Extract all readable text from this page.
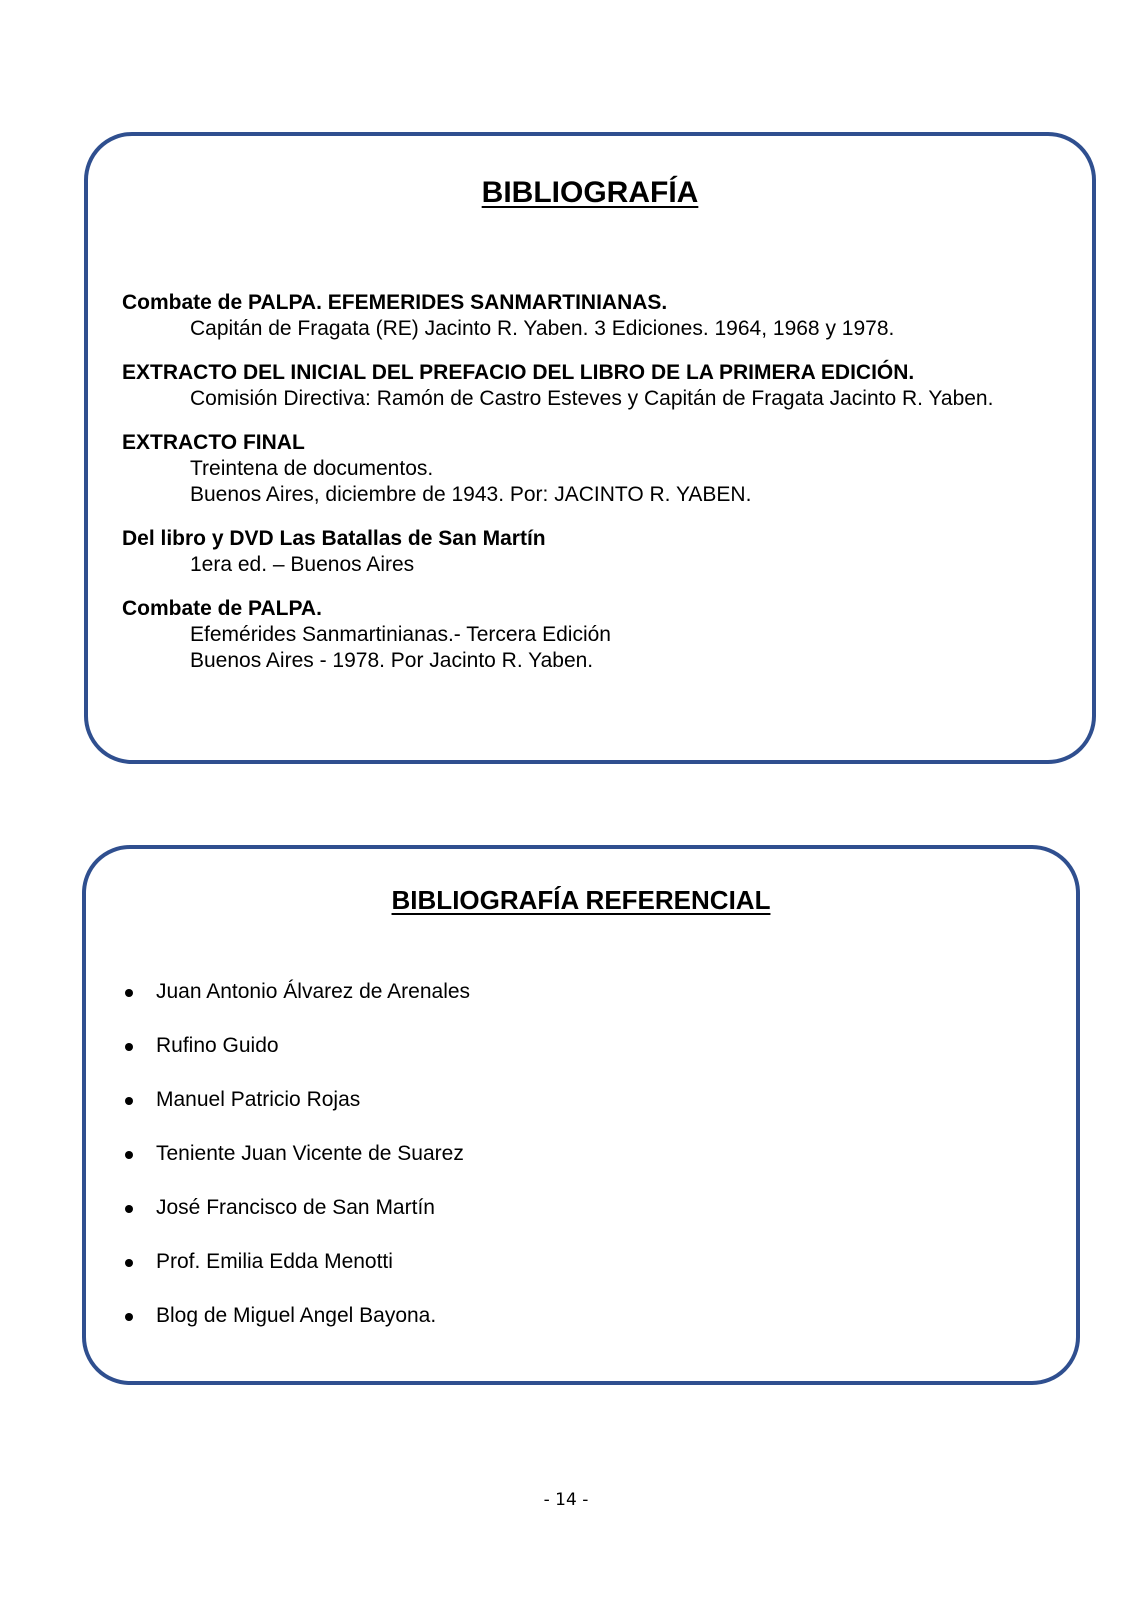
BIBLIOGRAFÍA
Combate de PALPA. EFEMERIDES SANMARTINIANAS.
Capitán de Fragata (RE) Jacinto R. Yaben. 3 Ediciones. 1964, 1968 y 1978.
EXTRACTO DEL INICIAL DEL PREFACIO DEL LIBRO DE LA PRIMERA EDICIÓN.
Comisión Directiva: Ramón de Castro Esteves y Capitán de Fragata Jacinto R. Yaben.
EXTRACTO FINAL
Treintena de documentos.
Buenos Aires, diciembre de 1943. Por: JACINTO R. YABEN.
Del libro y DVD Las Batallas de San Martín
1era ed. – Buenos Aires
Combate de PALPA.
Efemérides Sanmartinianas.- Tercera Edición
Buenos Aires - 1978. Por Jacinto R. Yaben.
BIBLIOGRAFÍA REFERENCIAL
Juan Antonio Álvarez de Arenales
Rufino Guido
Manuel Patricio Rojas
Teniente Juan Vicente de Suarez
José Francisco de San Martín
Prof. Emilia Edda Menotti
Blog de Miguel Angel Bayona.
- 14 -
